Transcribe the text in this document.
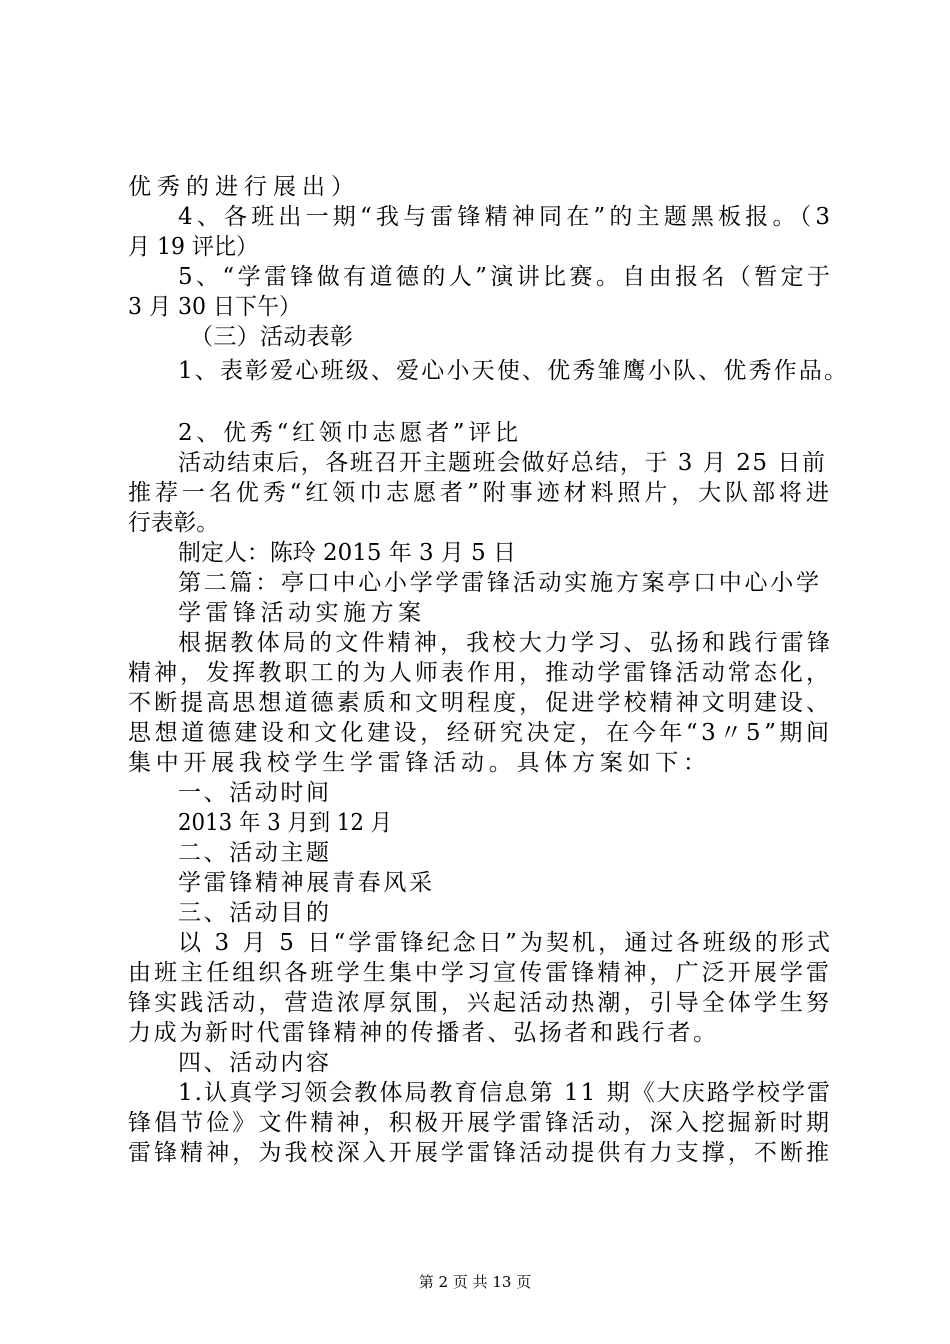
优秀的进行展出）
4、各班出一期“我与雷锋精神同在”的主题黑板报。（3
月 19 评比）
5、“学雷锋做有道德的人”演讲比赛。自由报名（暂定于
3 月 30 日下午）
（三）活动表彰
1、表彰爱心班级、爱心小天使、优秀雏鹰小队、优秀作品。
2、优秀“红领巾志愿者”评比
活动结束后，各班召开主题班会做好总结，于 3 月 25 日前
推荐一名优秀“红领巾志愿者”附事迹材料照片，大队部将进
行表彰。
制定人：陈玲 2015 年 3 月 5 日
第二篇：亭口中心小学学雷锋活动实施方案亭口中心小学
学雷锋活动实施方案
根据教体局的文件精神，我校大力学习、弘扬和践行雷锋
精神，发挥教职工的为人师表作用，推动学雷锋活动常态化，
不断提高思想道德素质和文明程度，促进学校精神文明建设、
思想道德建设和文化建设，经研究决定，在今年“3〃5”期间
集中开展我校学生学雷锋活动。具体方案如下：
一、活动时间
2013 年 3 月到 12 月
二、活动主题
学雷锋精神展青春风采
三、活动目的
以 3 月 5 日“学雷锋纪念日”为契机，通过各班级的形式
由班主任组织各班学生集中学习宣传雷锋精神，广泛开展学雷
锋实践活动，营造浓厚氛围，兴起活动热潮，引导全体学生努
力成为新时代雷锋精神的传播者、弘扬者和践行者。
四、活动内容
1.认真学习领会教体局教育信息第 11 期《大庆路学校学雷
锋倡节俭》文件精神，积极开展学雷锋活动，深入挖掘新时期
雷锋精神，为我校深入开展学雷锋活动提供有力支撑，不断推
第 2 页 共 13 页
